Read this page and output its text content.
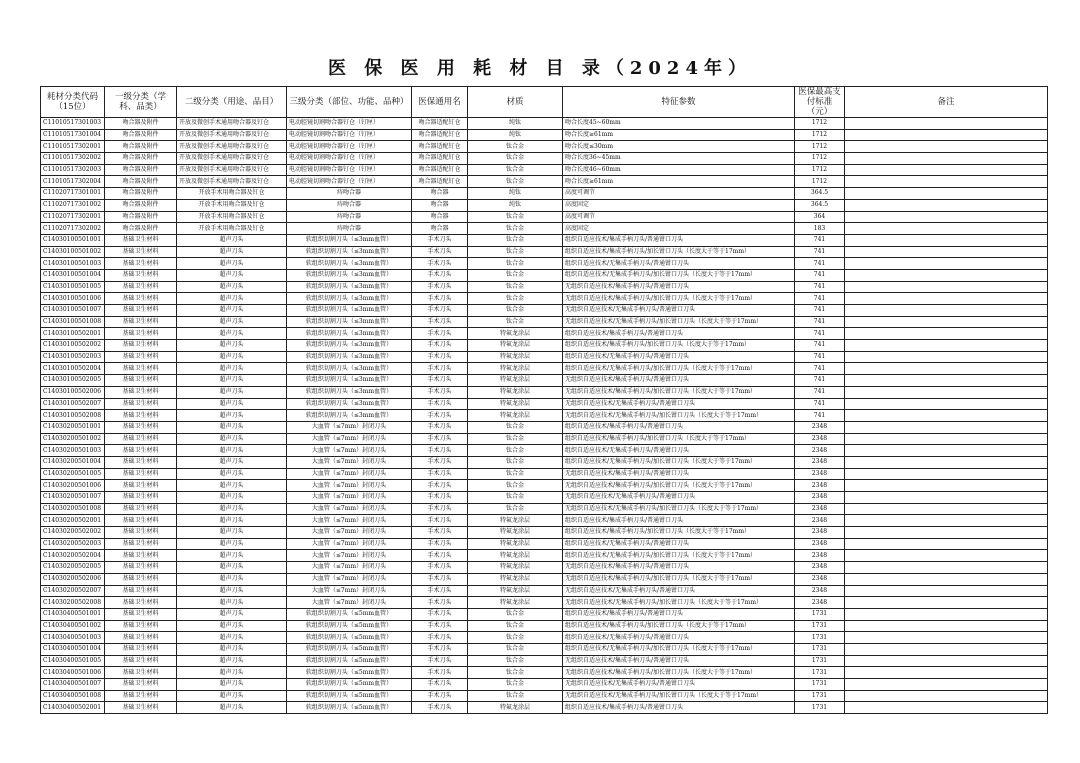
医 保 医 用 耗 材 目 录（2024年）
耗材分类代码（15位）	一级分类（学科、品类）	二级分类（用途、品目）	三级分类（部位、功能、品种）	医保通用名	材质	特征参数	医保最高支付标准（元）	备注
C11010517301003	吻合器及附件	开放及微创手术通用吻合器及钉仓	电动腔镜切割吻合器钉仓（钉匣）	吻合器适配钉仓	纯钛	吻合长度45~60mm	1712	
C11010517301004	吻合器及附件	开放及微创手术通用吻合器及钉仓	电动腔镜切割吻合器钉仓（钉匣）	吻合器适配钉仓	纯钛	吻合长度≥61mm	1712	
C11010517302001	吻合器及附件	开放及微创手术通用吻合器及钉仓	电动腔镜切割吻合器钉仓（钉匣）	吻合器适配钉仓	钛合金	吻合长度≤30mm	1712	
C11010517302002	吻合器及附件	开放及微创手术通用吻合器及钉仓	电动腔镜切割吻合器钉仓（钉匣）	吻合器适配钉仓	钛合金	吻合长度36~45mm	1712	
C11010517302003	吻合器及附件	开放及微创手术通用吻合器及钉仓	电动腔镜切割吻合器钉仓（钉匣）	吻合器适配钉仓	钛合金	吻合长度46~60mm	1712	
C11010517302004	吻合器及附件	开放及微创手术通用吻合器及钉仓	电动腔镜切割吻合器钉仓（钉匣）	吻合器适配钉仓	钛合金	吻合长度≥61mm	1712	
C11020717301001	吻合器及附件	开放手术用吻合器及钉仓	痔吻合器	吻合器	纯钛	高度可调节	364.5	
C11020717301002	吻合器及附件	开放手术用吻合器及钉仓	痔吻合器	吻合器	纯钛	高度固定	364.5	
C11020717302001	吻合器及附件	开放手术用吻合器及钉仓	痔吻合器	吻合器	钛合金	高度可调节	364	
C11020717302002	吻合器及附件	开放手术用吻合器及钉仓	痔吻合器	吻合器	钛合金	高度固定	183	
C14030100501001	基础卫生材料	超声刀头	软组织切割刀头（≤3mm血管）	手术刀头	钛合金	组织自适应技术/集成手柄刀头/普通钳口刀头	741	
C14030100501002	基础卫生材料	超声刀头	软组织切割刀头（≤3mm血管）	手术刀头	钛合金	组织自适应技术/集成手柄刀头/加长钳口刀头（长度大于等于17mm）	741	
C14030100501003	基础卫生材料	超声刀头	软组织切割刀头（≤3mm血管）	手术刀头	钛合金	组织自适应技术/无集成手柄刀头/普通钳口刀头	741	
C14030100501004	基础卫生材料	超声刀头	软组织切割刀头（≤3mm血管）	手术刀头	钛合金	组织自适应技术/无集成手柄刀头/加长钳口刀头（长度大于等于17mm）	741	
C14030100501005	基础卫生材料	超声刀头	软组织切割刀头（≤3mm血管）	手术刀头	钛合金	无组织自适应技术/集成手柄刀头/普通钳口刀头	741	
C14030100501006	基础卫生材料	超声刀头	软组织切割刀头（≤3mm血管）	手术刀头	钛合金	无组织自适应技术/集成手柄刀头/加长钳口刀头（长度大于等于17mm）	741	
C14030100501007	基础卫生材料	超声刀头	软组织切割刀头（≤3mm血管）	手术刀头	钛合金	无组织自适应技术/无集成手柄刀头/普通钳口刀头	741	
C14030100501008	基础卫生材料	超声刀头	软组织切割刀头（≤3mm血管）	手术刀头	钛合金	无组织自适应技术/无集成手柄刀头/加长钳口刀头（长度大于等于17mm）	741	
C14030100502001	基础卫生材料	超声刀头	软组织切割刀头（≤3mm血管）	手术刀头	特氟龙涂层	组织自适应技术/集成手柄刀头/普通钳口刀头	741	
C14030100502002	基础卫生材料	超声刀头	软组织切割刀头（≤3mm血管）	手术刀头	特氟龙涂层	组织自适应技术/集成手柄刀头/加长钳口刀头（长度大于等于17mm）	741	
C14030100502003	基础卫生材料	超声刀头	软组织切割刀头（≤3mm血管）	手术刀头	特氟龙涂层	组织自适应技术/无集成手柄刀头/普通钳口刀头	741	
C14030100502004	基础卫生材料	超声刀头	软组织切割刀头（≤3mm血管）	手术刀头	特氟龙涂层	组织自适应技术/无集成手柄刀头/加长钳口刀头（长度大于等于17mm）	741	
C14030100502005	基础卫生材料	超声刀头	软组织切割刀头（≤3mm血管）	手术刀头	特氟龙涂层	无组织自适应技术/集成手柄刀头/普通钳口刀头	741	
C14030100502006	基础卫生材料	超声刀头	软组织切割刀头（≤3mm血管）	手术刀头	特氟龙涂层	无组织自适应技术/集成手柄刀头/加长钳口刀头（长度大于等于17mm）	741	
C14030100502007	基础卫生材料	超声刀头	软组织切割刀头（≤3mm血管）	手术刀头	特氟龙涂层	无组织自适应技术/无集成手柄刀头/普通钳口刀头	741	
C14030100502008	基础卫生材料	超声刀头	软组织切割刀头（≤3mm血管）	手术刀头	特氟龙涂层	无组织自适应技术/无集成手柄刀头/加长钳口刀头（长度大于等于17mm）	741	
C14030200501001	基础卫生材料	超声刀头	大血管（≤7mm）封闭刀头	手术刀头	钛合金	组织自适应技术/集成手柄刀头/普通钳口刀头	2348	
C14030200501002	基础卫生材料	超声刀头	大血管（≤7mm）封闭刀头	手术刀头	钛合金	组织自适应技术/集成手柄刀头/加长钳口刀头（长度大于等于17mm）	2348	
C14030200501003	基础卫生材料	超声刀头	大血管（≤7mm）封闭刀头	手术刀头	钛合金	组织自适应技术/无集成手柄刀头/普通钳口刀头	2348	
C14030200501004	基础卫生材料	超声刀头	大血管（≤7mm）封闭刀头	手术刀头	钛合金	组织自适应技术/无集成手柄刀头/加长钳口刀头（长度大于等于17mm）	2348	
C14030200501005	基础卫生材料	超声刀头	大血管（≤7mm）封闭刀头	手术刀头	钛合金	无组织自适应技术/集成手柄刀头/普通钳口刀头	2348	
C14030200501006	基础卫生材料	超声刀头	大血管（≤7mm）封闭刀头	手术刀头	钛合金	无组织自适应技术/集成手柄刀头/加长钳口刀头（长度大于等于17mm）	2348	
C14030200501007	基础卫生材料	超声刀头	大血管（≤7mm）封闭刀头	手术刀头	钛合金	无组织自适应技术/无集成手柄刀头/普通钳口刀头	2348	
C14030200501008	基础卫生材料	超声刀头	大血管（≤7mm）封闭刀头	手术刀头	钛合金	无组织自适应技术/无集成手柄刀头/加长钳口刀头（长度大于等于17mm）	2348	
C14030200502001	基础卫生材料	超声刀头	大血管（≤7mm）封闭刀头	手术刀头	特氟龙涂层	组织自适应技术/集成手柄刀头/普通钳口刀头	2348	
C14030200502002	基础卫生材料	超声刀头	大血管（≤7mm）封闭刀头	手术刀头	特氟龙涂层	组织自适应技术/集成手柄刀头/加长钳口刀头（长度大于等于17mm）	2348	
C14030200502003	基础卫生材料	超声刀头	大血管（≤7mm）封闭刀头	手术刀头	特氟龙涂层	组织自适应技术/无集成手柄刀头/普通钳口刀头	2348	
C14030200502004	基础卫生材料	超声刀头	大血管（≤7mm）封闭刀头	手术刀头	特氟龙涂层	组织自适应技术/无集成手柄刀头/加长钳口刀头（长度大于等于17mm）	2348	
C14030200502005	基础卫生材料	超声刀头	大血管（≤7mm）封闭刀头	手术刀头	特氟龙涂层	无组织自适应技术/集成手柄刀头/普通钳口刀头	2348	
C14030200502006	基础卫生材料	超声刀头	大血管（≤7mm）封闭刀头	手术刀头	特氟龙涂层	无组织自适应技术/集成手柄刀头/加长钳口刀头（长度大于等于17mm）	2348	
C14030200502007	基础卫生材料	超声刀头	大血管（≤7mm）封闭刀头	手术刀头	特氟龙涂层	无组织自适应技术/无集成手柄刀头/普通钳口刀头	2348	
C14030200502008	基础卫生材料	超声刀头	大血管（≤7mm）封闭刀头	手术刀头	特氟龙涂层	无组织自适应技术/无集成手柄刀头/加长钳口刀头（长度大于等于17mm）	2348	
C14030400501001	基础卫生材料	超声刀头	软组织切割刀头（≤5mm血管）	手术刀头	钛合金	组织自适应技术/集成手柄刀头/普通钳口刀头	1731	
C14030400501002	基础卫生材料	超声刀头	软组织切割刀头（≤5mm血管）	手术刀头	钛合金	组织自适应技术/集成手柄刀头/加长钳口刀头（长度大于等于17mm）	1731	
C14030400501003	基础卫生材料	超声刀头	软组织切割刀头（≤5mm血管）	手术刀头	钛合金	组织自适应技术/无集成手柄刀头/普通钳口刀头	1731	
C14030400501004	基础卫生材料	超声刀头	软组织切割刀头（≤5mm血管）	手术刀头	钛合金	组织自适应技术/无集成手柄刀头/加长钳口刀头（长度大于等于17mm）	1731	
C14030400501005	基础卫生材料	超声刀头	软组织切割刀头（≤5mm血管）	手术刀头	钛合金	无组织自适应技术/集成手柄刀头/普通钳口刀头	1731	
C14030400501006	基础卫生材料	超声刀头	软组织切割刀头（≤5mm血管）	手术刀头	钛合金	无组织自适应技术/集成手柄刀头/加长钳口刀头（长度大于等于17mm）	1731	
C14030400501007	基础卫生材料	超声刀头	软组织切割刀头（≤5mm血管）	手术刀头	钛合金	无组织自适应技术/无集成手柄刀头/普通钳口刀头	1731	
C14030400501008	基础卫生材料	超声刀头	软组织切割刀头（≤5mm血管）	手术刀头	钛合金	无组织自适应技术/无集成手柄刀头/加长钳口刀头（长度大于等于17mm）	1731	
C14030400502001	基础卫生材料	超声刀头	软组织切割刀头（≤5mm血管）	手术刀头	特氟龙涂层	组织自适应技术/集成手柄刀头/普通钳口刀头	1731	
